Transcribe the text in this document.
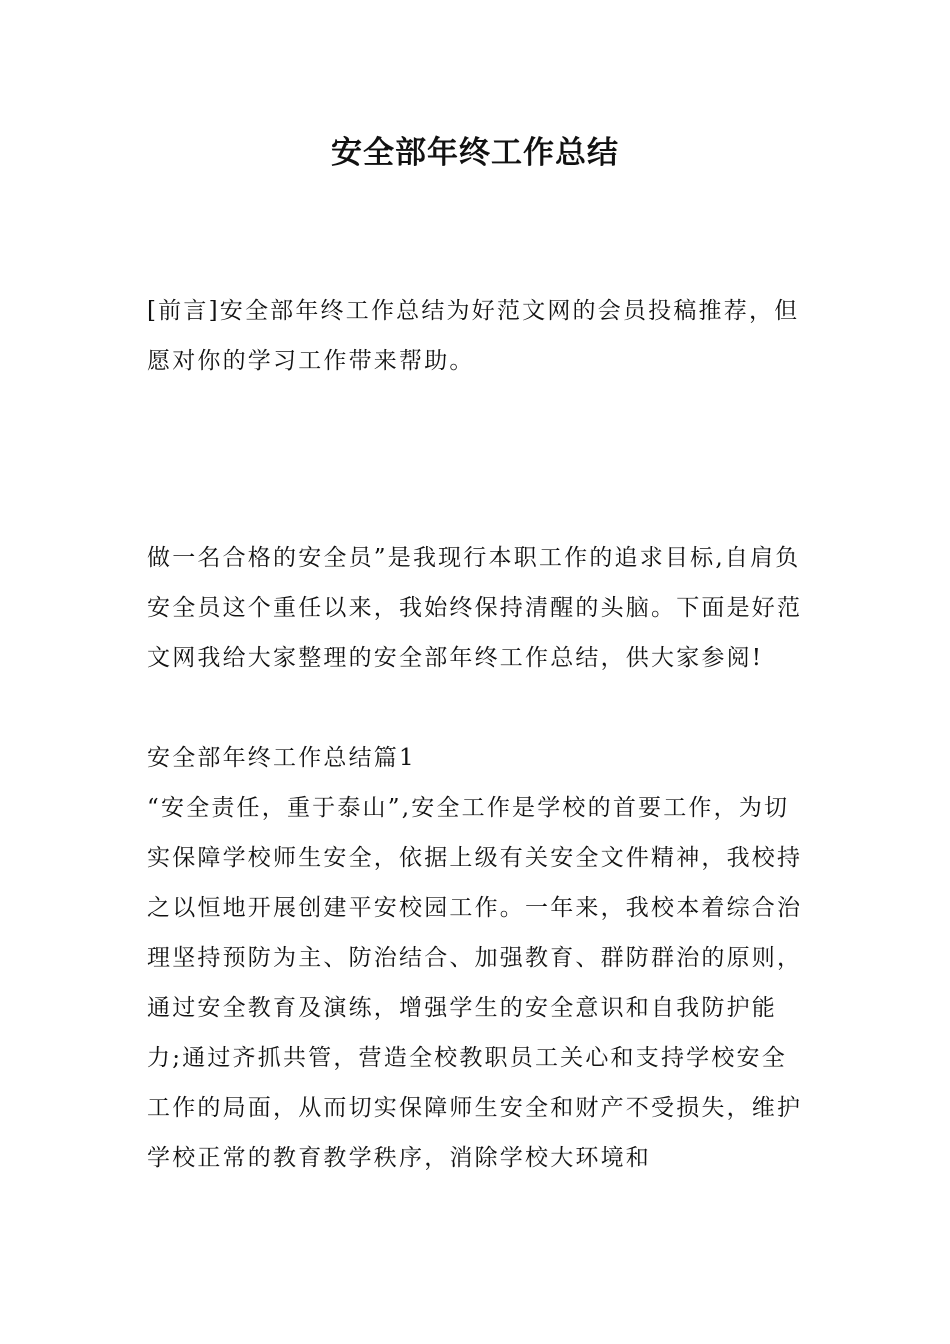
安全部年终工作总结

[前言]安全部年终工作总结为好范文网的会员投稿推荐，但愿对你的学习工作带来帮助。

做一名合格的安全员”是我现行本职工作的追求目标,自肩负安全员这个重任以来，我始终保持清醒的头脑。下面是好范文网我给大家整理的安全部年终工作总结，供大家参阅!

安全部年终工作总结篇1

“安全责任，重于泰山”,安全工作是学校的首要工作，为切实保障学校师生安全，依据上级有关安全文件精神，我校持之以恒地开展创建平安校园工作。一年来，我校本着综合治理坚持预防为主、防治结合、加强教育、群防群治的原则，通过安全教育及演练，增强学生的安全意识和自我防护能力;通过齐抓共管，营造全校教职员工关心和支持学校安全工作的局面，从而切实保障师生安全和财产不受损失，维护学校正常的教育教学秩序，消除学校大环境和
